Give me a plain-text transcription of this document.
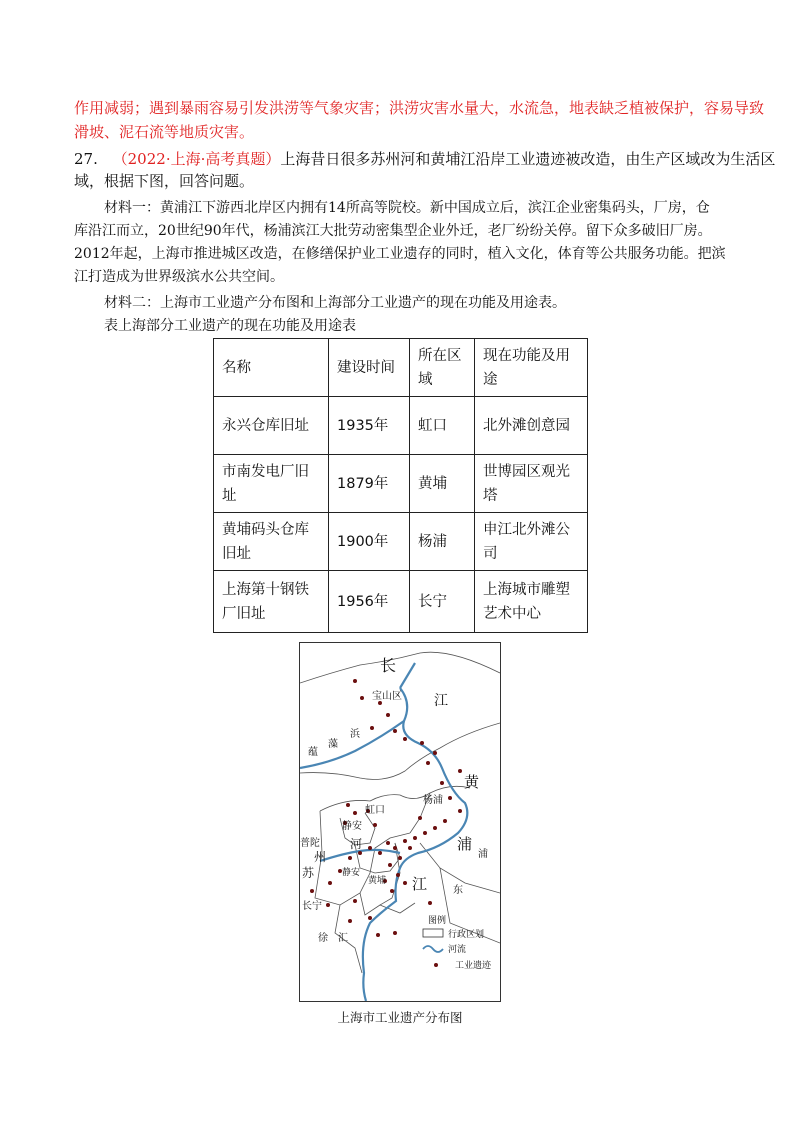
作用减弱；遇到暴雨容易引发洪涝等气象灾害；洪涝灾害水量大，水流急，地表缺乏植被保护，容易导致
滑坡、泥石流等地质灾害。
27. （2022·上海·高考真题）上海昔日很多苏州河和黄埔江沿岸工业遗迹被改造，由生产区域改为生活区
域，根据下图，回答问题。
材料一：黄浦江下游西北岸区内拥有14所高等院校。新中国成立后，滨江企业密集码头，厂房，仓
库沿江而立，20世纪90年代，杨浦滨江大批劳动密集型企业外迁，老厂纷纷关停。留下众多破旧厂房。
2012年起，上海市推进城区改造，在修缮保护业工业遗存的同时，植入文化，体育等公共服务功能。把滨
江打造成为世界级滨水公共空间。
材料二：上海市工业遗产分布图和上海部分工业遗产的现在功能及用途表。
表上海部分工业遗产的现在功能及用途表
名称	建设时间	所在区域	现在功能及用途
永兴仓库旧址	1935年	虹口	北外滩创意园
市南发电厂旧址	1879年	黄埔	世博园区观光塔
黄埔码头仓库旧址	1900年	杨浦	申江北外滩公司
上海第十钢铁厂旧址	1956年	长宁	上海城市雕塑艺术中心
长
江
宝山区
蕴
藻
浜
黄
浦
江
杨浦
虹口
静安
普陀
苏
州
河
静安
黄埔
浦
东
长宁
徐 汇
图例
行政区划
河流
工业遗迹
上海市工业遗产分布图
